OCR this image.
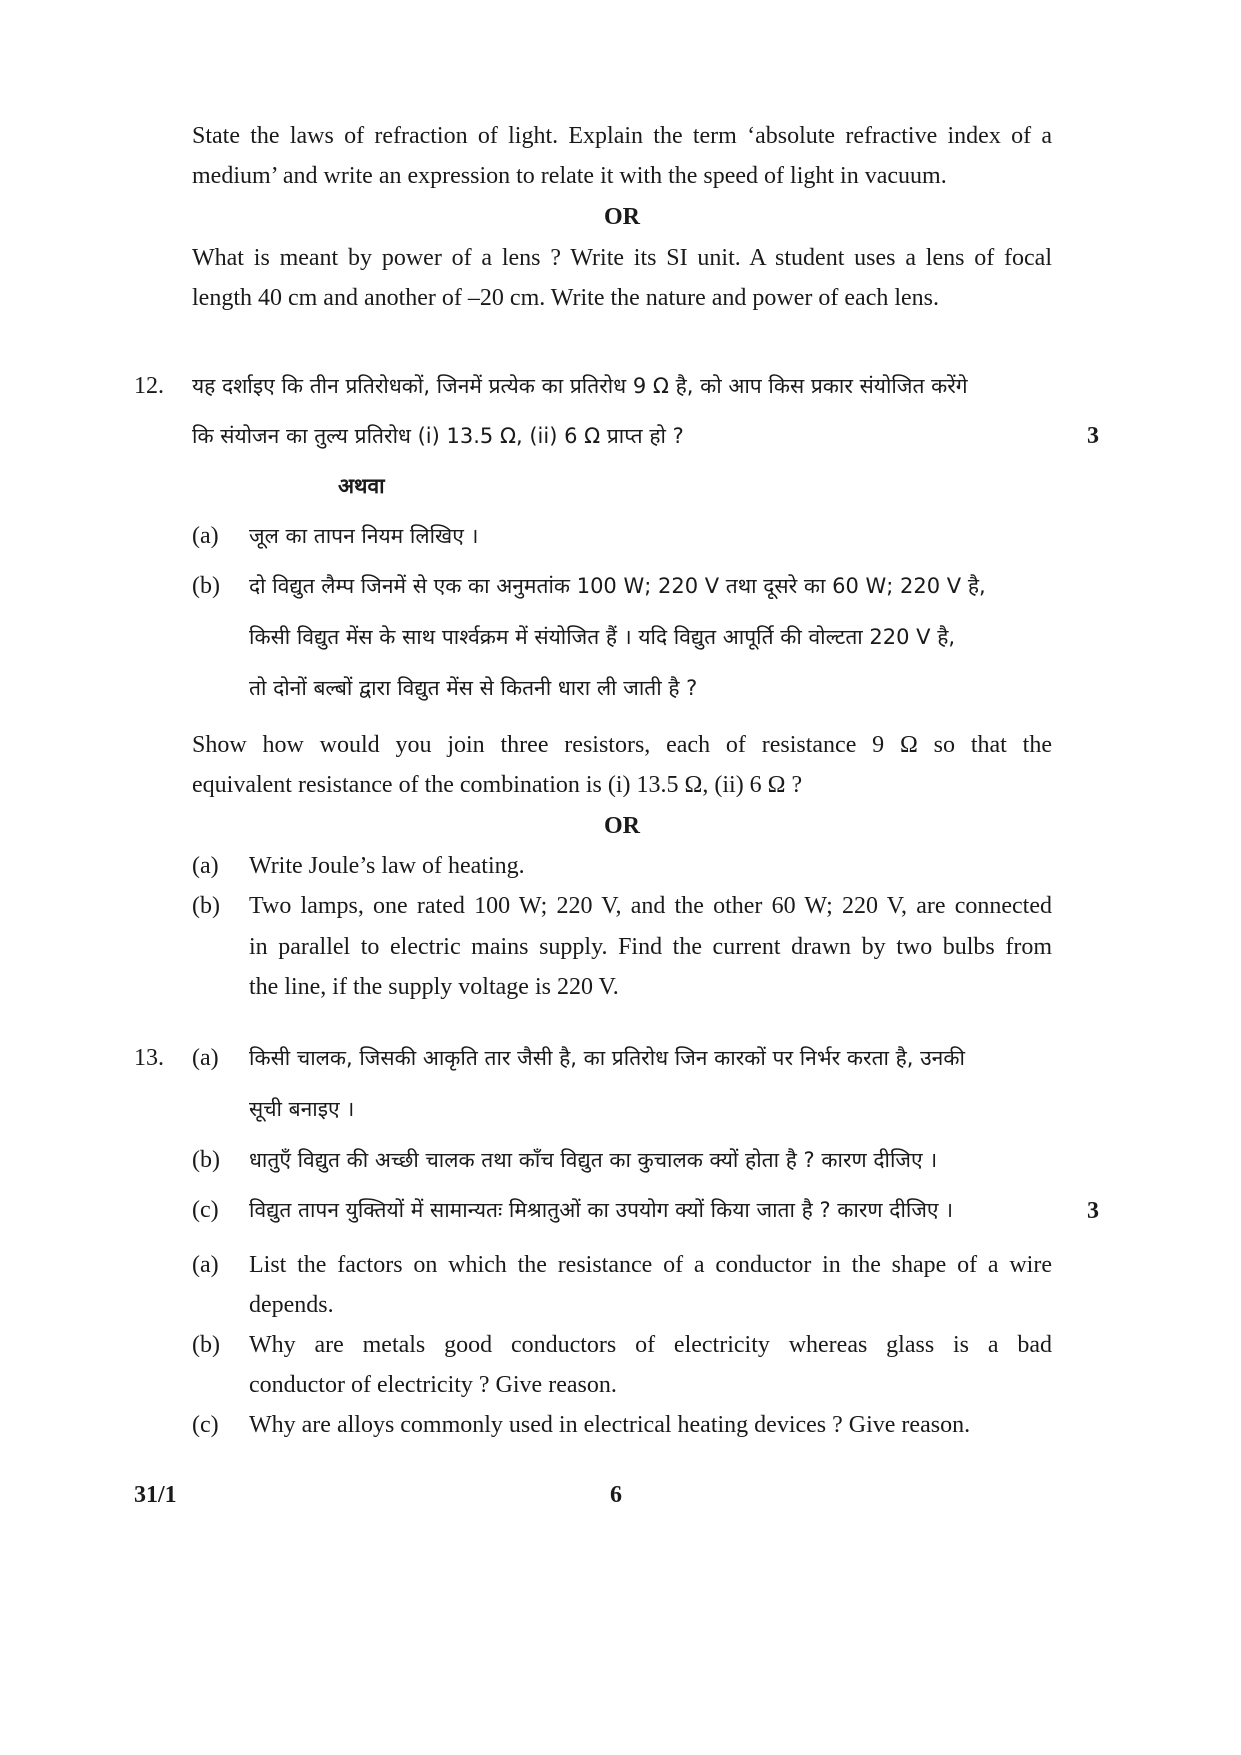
State the laws of refraction of light. Explain the term ‘absolute refractive index of a
medium’ and write an expression to relate it with the speed of light in vacuum.
OR
What is meant by power of a lens ? Write its SI unit. A student uses a lens of focal
length 40 cm and another of –20 cm. Write the nature and power of each lens.
12. यह दर्शाइए कि तीन प्रतिरोधकों, जिनमें प्रत्येक का प्रतिरोध 9 Ω है, को आप किस प्रकार संयोजित करेंगे
कि संयोजन का तुल्य प्रतिरोध (i) 13.5 Ω, (ii) 6 Ω प्राप्त हो ?	3
अथवा
(a) जूल का तापन नियम लिखिए ।
(b) दो विद्युत लैम्प जिनमें से एक का अनुमतांक 100 W; 220 V तथा दूसरे का 60 W; 220 V है,
किसी विद्युत मेंस के साथ पार्श्वक्रम में संयोजित हैं । यदि विद्युत आपूर्ति की वोल्टता 220 V है,
तो दोनों बल्बों द्वारा विद्युत मेंस से कितनी धारा ली जाती है ?
Show how would you join three resistors, each of resistance 9 Ω so that the
equivalent resistance of the combination is (i) 13.5 Ω, (ii) 6 Ω ?
OR
(a) Write Joule’s law of heating.
(b) Two lamps, one rated 100 W; 220 V, and the other 60 W; 220 V, are connected
in parallel to electric mains supply. Find the current drawn by two bulbs from
the line, if the supply voltage is 220 V.
13. (a) किसी चालक, जिसकी आकृति तार जैसी है, का प्रतिरोध जिन कारकों पर निर्भर करता है, उनकी
सूची बनाइए ।
(b) धातुएँ विद्युत की अच्छी चालक तथा काँच विद्युत का कुचालक क्यों होता है ? कारण दीजिए ।
(c) विद्युत तापन युक्तियों में सामान्यतः मिश्रातुओं का उपयोग क्यों किया जाता है ? कारण दीजिए ।	3
(a) List the factors on which the resistance of a conductor in the shape of a wire
depends.
(b) Why are metals good conductors of electricity whereas glass is a bad
conductor of electricity ? Give reason.
(c) Why are alloys commonly used in electrical heating devices ? Give reason.
31/1	6
